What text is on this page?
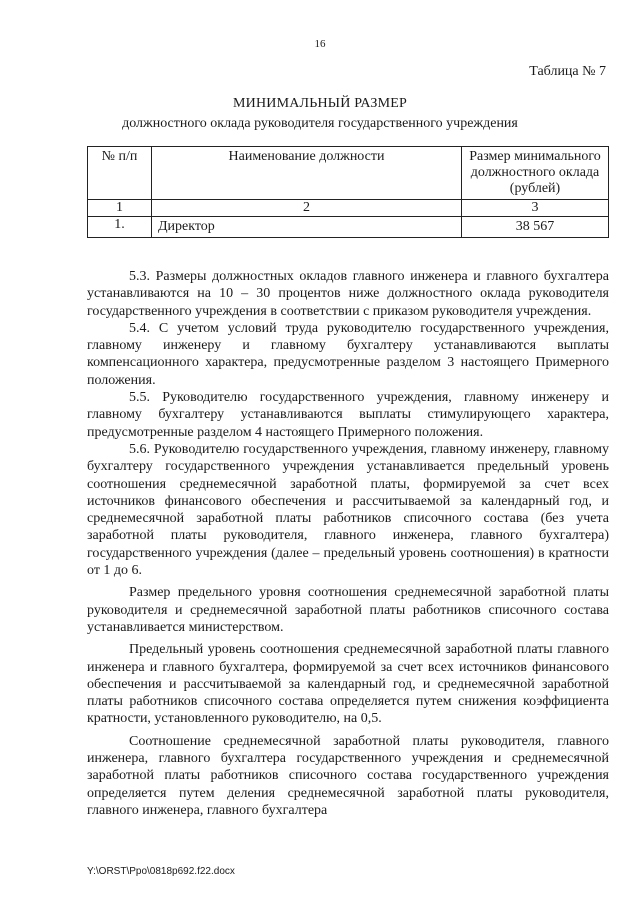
16
Таблица № 7
МИНИМАЛЬНЫЙ РАЗМЕР
должностного оклада руководителя государственного учреждения
№ п/п	Наименование должности	Размер минимального должностного оклада (рублей)
1	2	3
1.	Директор	38 567

5.3. Размеры должностных окладов главного инженера и главного бухгалтера устанавливаются на 10 – 30 процентов ниже должностного оклада руководителя государственного учреждения в соответствии с приказом руководителя учреждения.

5.4. С учетом условий труда руководителю государственного учреждения, главному инженеру и главному бухгалтеру устанавливаются выплаты компенсационного характера, предусмотренные разделом 3 настоящего Примерного положения.

5.5. Руководителю государственного учреждения, главному инженеру и главному бухгалтеру устанавливаются выплаты стимулирующего характера, предусмотренные разделом 4 настоящего Примерного положения.

5.6. Руководителю государственного учреждения, главному инженеру, главному бухгалтеру государственного учреждения устанавливается предельный уровень соотношения среднемесячной заработной платы, формируемой за счет всех источников финансового обеспечения и рассчитываемой за календарный год, и среднемесячной заработной платы работников списочного состава (без учета заработной платы руководителя, главного инженера, главного бухгалтера) государственного учреждения (далее – предельный уровень соотношения) в кратности от 1 до 6.

Размер предельного уровня соотношения среднемесячной заработной платы руководителя и среднемесячной заработной платы работников списочного состава устанавливается министерством.

Предельный уровень соотношения среднемесячной заработной платы главного инженера и главного бухгалтера, формируемой за счет всех источников финансового обеспечения и рассчитываемой за календарный год, и среднемесячной заработной платы работников списочного состава определяется путем снижения коэффициента кратности, установленного руководителю, на 0,5.

Соотношение среднемесячной заработной платы руководителя, главного инженера, главного бухгалтера государственного учреждения и среднемесячной заработной платы работников списочного состава государственного учреждения определяется путем деления среднемесячной заработной платы руководителя, главного инженера, главного бухгалтера

Y:\ORST\Ppo\0818p692.f22.docx
